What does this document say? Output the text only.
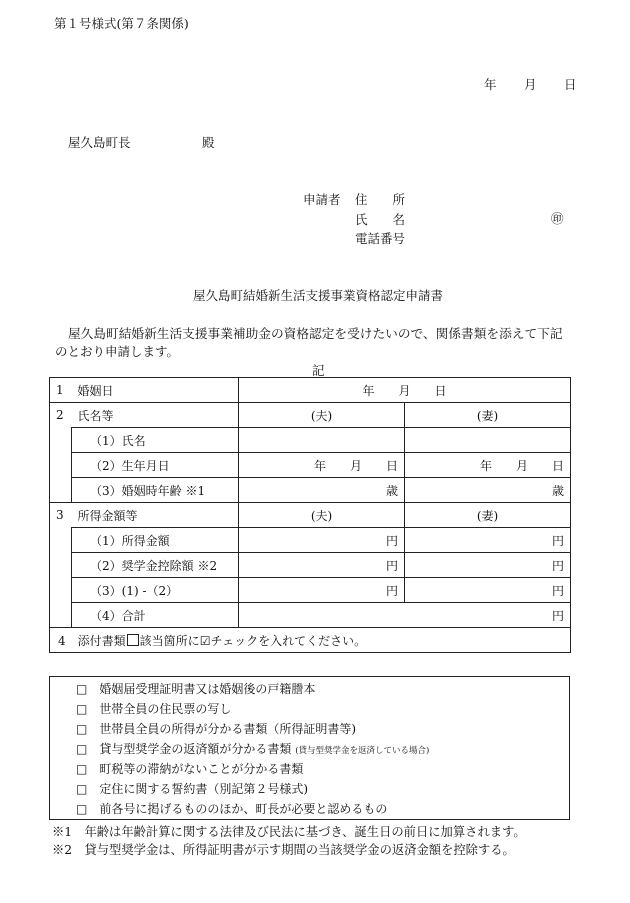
第１号様式(第７条関係)
年 月 日
屋久島町長	殿
申請者 住　　所
氏　　名	㊞
電話番号
屋久島町結婚新生活支援事業資格認定申請書
屋久島町結婚新生活支援事業補助金の資格認定を受けたいので、関係書類を添えて下記
のとおり申請します。
記
1	婚姻日	年　　月　　日	
2	氏名等	(夫)	(妻)
	（1）氏名		
	（2）生年月日	年　　月　　日	年　　月　　日
	（3）婚姻時年齢 ※1	歳	歳
3	所得金額等	(夫)	(妻)
	（1）所得金額	円	円
	（2）奨学金控除額 ※2	円	円
	（3）(1) -（2）	円	円
	（4）合計	円	
4　 添付書類 該当箇所に☑チェックを入れてください。			
□　 婚姻届受理証明書又は婚姻後の戸籍謄本
□　 世帯全員の住民票の写し
□　 世帯員全員の所得が分かる書類（所得証明書等)
□　 貸与型奨学金の返済額が分かる書類 (貸与型奨学金を返済している場合)
□　 町税等の滞納がないことが分かる書類
□　 定住に関する誓約書（別記第２号様式)
□　 前各号に掲げるもののほか、町長が必要と認めるもの
※1　 年齢は年齢計算に関する法律及び民法に基づき、誕生日の前日に加算されます。
※2　 貸与型奨学金は、所得証明書が示す期間の当該奨学金の返済金額を控除する。
